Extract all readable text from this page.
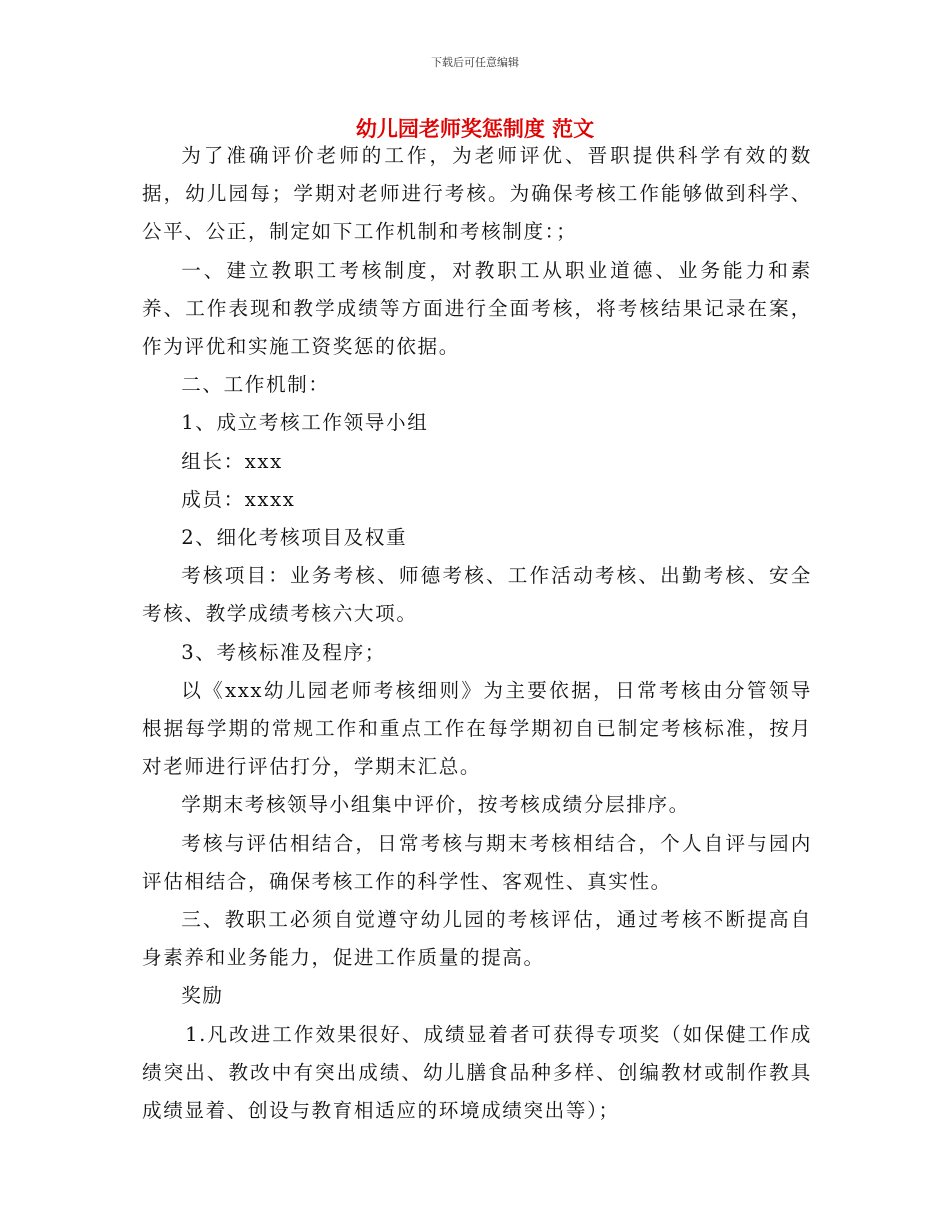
下载后可任意编辑
幼儿园老师奖惩制度 范文

为了准确评价老师的工作，为老师评优、晋职提供科学有效的数据，幼儿园每；学期对老师进行考核。为确保考核工作能够做到科学、公平、公正，制定如下工作机制和考核制度：；

一、建立教职工考核制度，对教职工从职业道德、业务能力和素养、工作表现和教学成绩等方面进行全面考核，将考核结果记录在案，作为评优和实施工资奖惩的依据。

二、工作机制：

1、成立考核工作领导小组

组长：xxx

成员：xxxx

2、细化考核项目及权重

考核项目：业务考核、师德考核、工作活动考核、出勤考核、安全考核、教学成绩考核六大项。

3、考核标准及程序；

以《xxx幼儿园老师考核细则》为主要依据，日常考核由分管领导根据每学期的常规工作和重点工作在每学期初自已制定考核标准，按月对老师进行评估打分，学期末汇总。

学期末考核领导小组集中评价，按考核成绩分层排序。

考核与评估相结合，日常考核与期末考核相结合，个人自评与园内评估相结合，确保考核工作的科学性、客观性、真实性。

三、教职工必须自觉遵守幼儿园的考核评估，通过考核不断提高自身素养和业务能力，促进工作质量的提高。

奖励

1.凡改进工作效果很好、成绩显着者可获得专项奖（如保健工作成绩突出、教改中有突出成绩、幼儿膳食品种多样、创编教材或制作教具成绩显着、创设与教育相适应的环境成绩突出等）；
